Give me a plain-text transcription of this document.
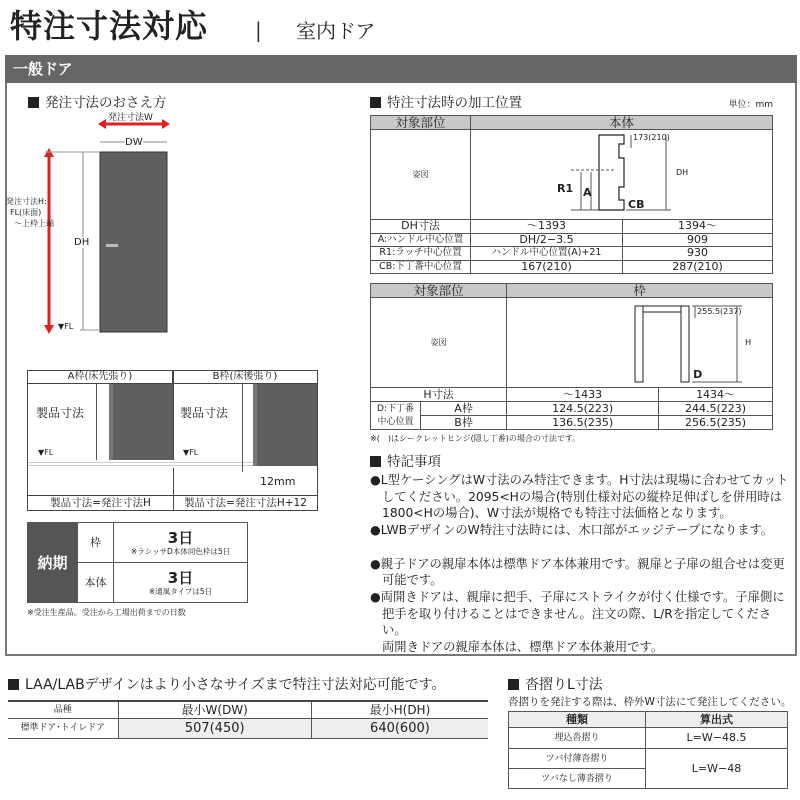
特注寸法対応 | 室内ドア
一般ドア
発注寸法のおさえ方
発注寸法W
DW
DH
発注寸法H:
FL(床面)
〜上枠上端
▼FL
A枠(床先張り)	B枠(床後張り)
製品寸法	製品寸法
▼FL	▼FL
12mm
製品寸法=発注寸法H	製品寸法=発注寸法H+12
納期	枠	3日
※ラシッサD本体同色枠は5日

	本体	3日
※通風タイプは5日
※受注生産品。受注から工場出荷までの日数
特注寸法時の加工位置	単位：mm
対象部位	本体	
姿図	173(210)
DH
R1 A
CB	

DH寸法	〜1393	1394〜
A:ハンドル中心位置	DH/2−3.5	909
R1:ラッチ中心位置	ハンドル中心位置(A)+21	930
CB:下丁番中心位置	167(210)	287(210)
対象部位		枠	
姿図		255.5(237)
H
D	

H寸法		〜1433	1434〜
D:下丁番中心位置	A枠	124.5(223)	244.5(223)
	B枠	136.5(235)	256.5(235)
※(　)はシークレットヒンジ(隠し丁番)の場合の寸法です。
特記事項

●L型ケーシングはW寸法のみ特注できます。H寸法は現場に合わせてカットしてください。2095<Hの場合(特別仕様対応の縦枠足伸ばしを併用時は1800<Hの場合)、W寸法が規格でも特注寸法価格となります。

●LWBデザインのW特注寸法時には、木口部がエッジテープになります。

●親子ドアの親扉本体は標準ドア本体兼用です。親扉と子扉の組合せは変更可能です。

●両開きドアは、親扉に把手、子扉にストライクが付く仕様です。子扉側に把手を取り付けることはできません。注文の際、L/Rを指定してください。

両開きドアの親扉本体は、標準ドア本体兼用です。

LAA/LABデザインはより小さなサイズまで特注寸法対応可能です。
品種	最小W(DW)	最小H(DH)
標準ドア･トイレドア	507(450)	640(600)
沓摺りL寸法
沓摺りを発注する際は、枠外W寸法にて発注してください。
種類	算出式
埋込沓摺り	L=W−48.5
ツバ付薄沓摺り	L=W−48
ツバなし薄沓摺り	
